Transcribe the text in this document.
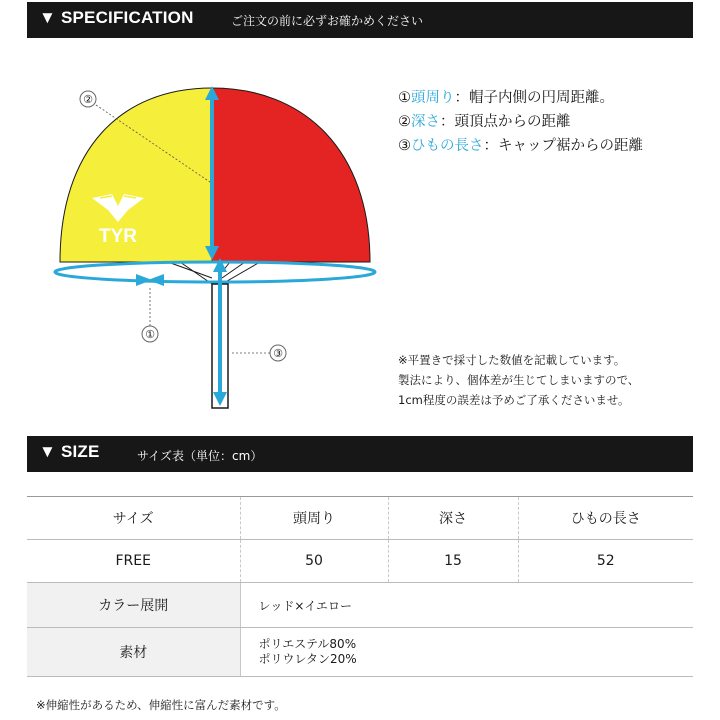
▼ SPECIFICATION	ご注文の前に必ずお確かめください
TYR
②
①
③
①頭周り：帽子内側の円周距離。
②深さ：頭頂点からの距離
③ひもの長さ：キャップ裾からの距離
※平置きで採寸した数値を記載しています。
製法により、個体差が生じてしまいますので、
1cm程度の誤差は予めご了承くださいませ。
▼ SIZE	サイズ表（単位：cm）
サイズ	頭周り	深さ	ひもの長さ
FREE	50	15	52
カラー展開	レッド×イエロー		
素材	ポリエステル80%
ポリウレタン20%		
※伸縮性があるため、伸縮性に富んだ素材です。
